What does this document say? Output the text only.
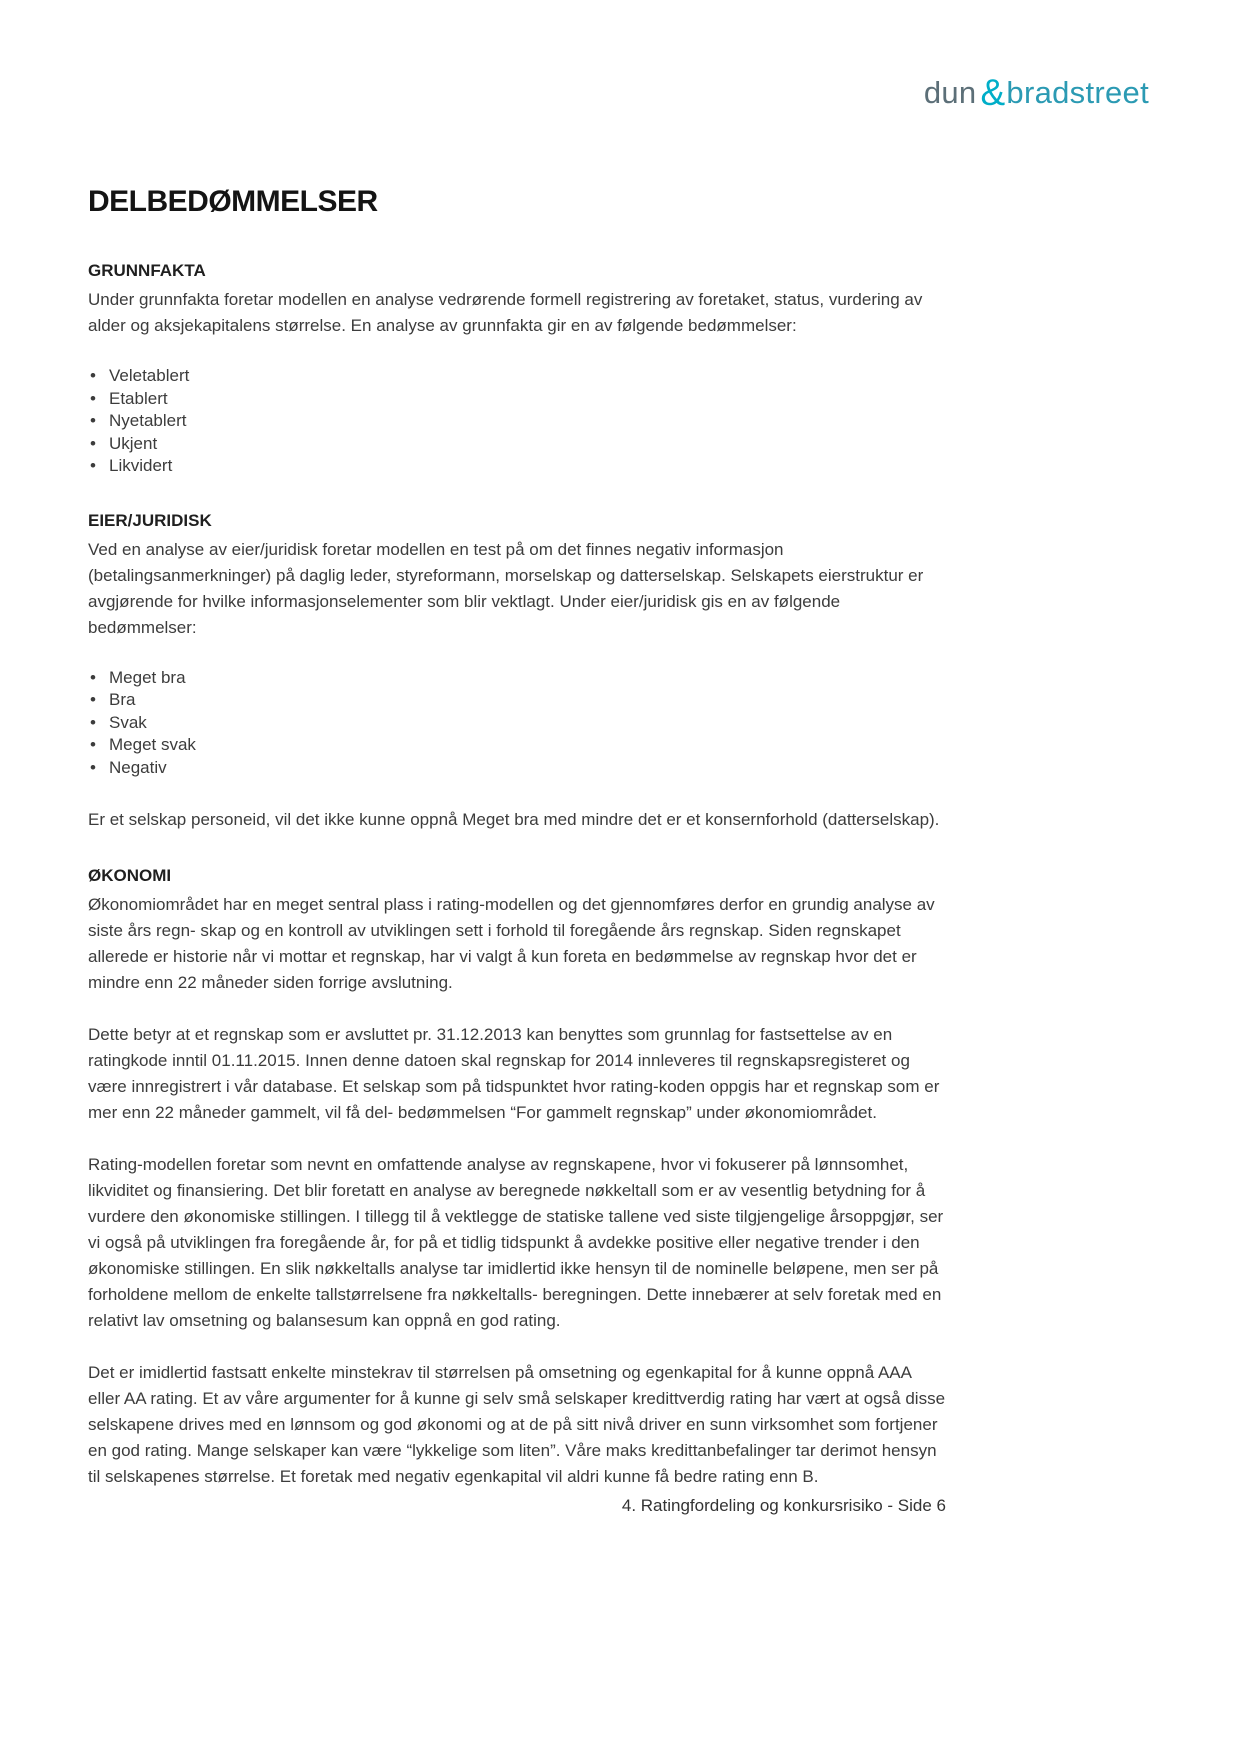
dun &bradstreet
DELBEDØMMELSER
GRUNNFAKTA

Under grunnfakta foretar modellen en analyse vedrørende formell registrering av foretaket, status, vurdering av alder og aksjekapitalens størrelse. En analyse av grunnfakta gir en av følgende bedømmelser:

• Veletablert
• Etablert
• Nyetablert
• Ukjent
• Likvidert
EIER/JURIDISK

Ved en analyse av eier/juridisk foretar modellen en test på om det finnes negativ informasjon (betalingsanmerkninger) på daglig leder, styreformann, morselskap og datterselskap. Selskapets eierstruktur er avgjørende for hvilke informasjonselementer som blir vektlagt. Under eier/juridisk gis en av følgende bedømmelser:

• Meget bra
• Bra
• Svak
• Meget svak
• Negativ

Er et selskap personeid, vil det ikke kunne oppnå Meget bra med mindre det er et konsernforhold (datterselskap).

ØKONOMI

Økonomiområdet har en meget sentral plass i rating-modellen og det gjennomføres derfor en grundig analyse av siste års regn- skap og en kontroll av utviklingen sett i forhold til foregående års regnskap. Siden regnskapet allerede er historie når vi mottar et regnskap, har vi valgt å kun foreta en bedømmelse av regnskap hvor det er mindre enn 22 måneder siden forrige avslutning.

Dette betyr at et regnskap som er avsluttet pr. 31.12.2013 kan benyttes som grunnlag for fastsettelse av en ratingkode inntil 01.11.2015. Innen denne datoen skal regnskap for 2014 innleveres til regnskapsregisteret og være innregistrert i vår database. Et selskap som på tidspunktet hvor rating-koden oppgis har et regnskap som er mer enn 22 måneder gammelt, vil få del- bedømmelsen “For gammelt regnskap” under økonomiområdet.

Rating-modellen foretar som nevnt en omfattende analyse av regnskapene, hvor vi fokuserer på lønnsomhet, likviditet og finansiering. Det blir foretatt en analyse av beregnede nøkkeltall som er av vesentlig betydning for å vurdere den økonomiske stillingen. I tillegg til å vektlegge de statiske tallene ved siste tilgjengelige årsoppgjør, ser vi også på utviklingen fra foregående år, for på et tidlig tidspunkt å avdekke positive eller negative trender i den økonomiske stillingen. En slik nøkkeltalls analyse tar imidlertid ikke hensyn til de nominelle beløpene, men ser på forholdene mellom de enkelte tallstørrelsene fra nøkkeltalls- beregningen. Dette innebærer at selv foretak med en relativt lav omsetning og balansesum kan oppnå en god rating.

Det er imidlertid fastsatt enkelte minstekrav til størrelsen på omsetning og egenkapital for å kunne oppnå AAA eller AA rating. Et av våre argumenter for å kunne gi selv små selskaper kredittverdig rating har vært at også disse selskapene drives med en lønnsom og god økonomi og at de på sitt nivå driver en sunn virksomhet som fortjener en god rating. Mange selskaper kan være “lykkelige som liten”. Våre maks kredittanbefalinger tar derimot hensyn til selskapenes størrelse. Et foretak med negativ egenkapital vil aldri kunne få bedre rating enn B.

4. Ratingfordeling og konkursrisiko - Side 6
